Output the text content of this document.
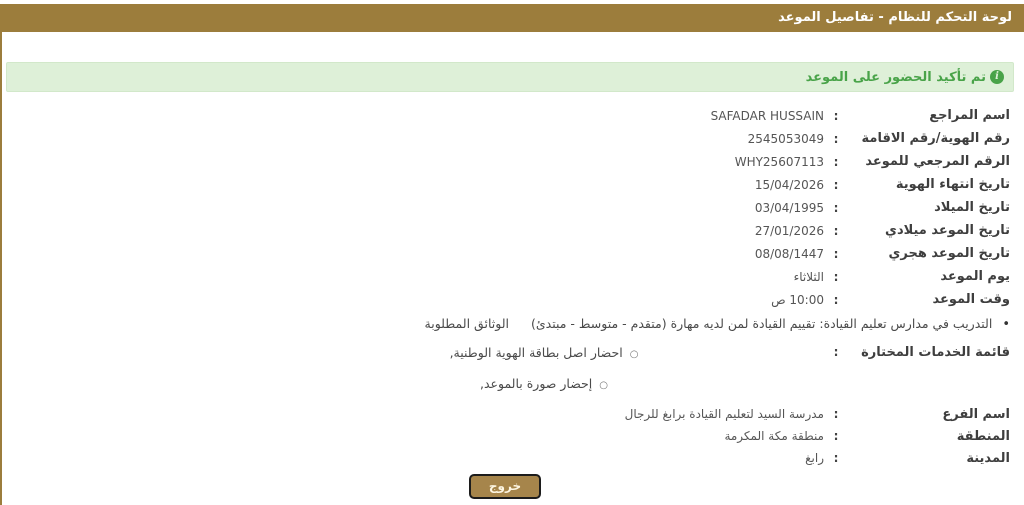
لوحة التحكم للنظام - تفاصيل الموعد
i
تم تأكيد الحضور على الموعد
اسم المراجع
:
SAFADAR HUSSAIN
رقم الهوية/رقم الاقامة
:
2545053049
الرقم المرجعي للموعد
:
WHY25607113
تاريخ انتهاء الهوية
:
15/04/2026
تاريخ الميلاد
:
03/04/1995
تاريخ الموعد ميلادي
:
27/01/2026
تاريخ الموعد هجري
:
08/08/1447
يوم الموعد
:
الثلاثاء
وقت الموعد
:
10:00 ص
•التدريب في مدارس تعليم القيادة: تقييم القيادة لمن لديه مهارة (متقدم - متوسط - مبتدئ)الوثائق المطلوبة
قائمة الخدمات المختارة
:
○احضار اصل بطاقة الهوية الوطنية,
○إحضار صورة بالموعد,
اسم الفرع
:
مدرسة السيد لتعليم القيادة برابغ للرجال
المنطقة
:
منطقة مكة المكرمة
المدينة
:
رابغ
خروج
